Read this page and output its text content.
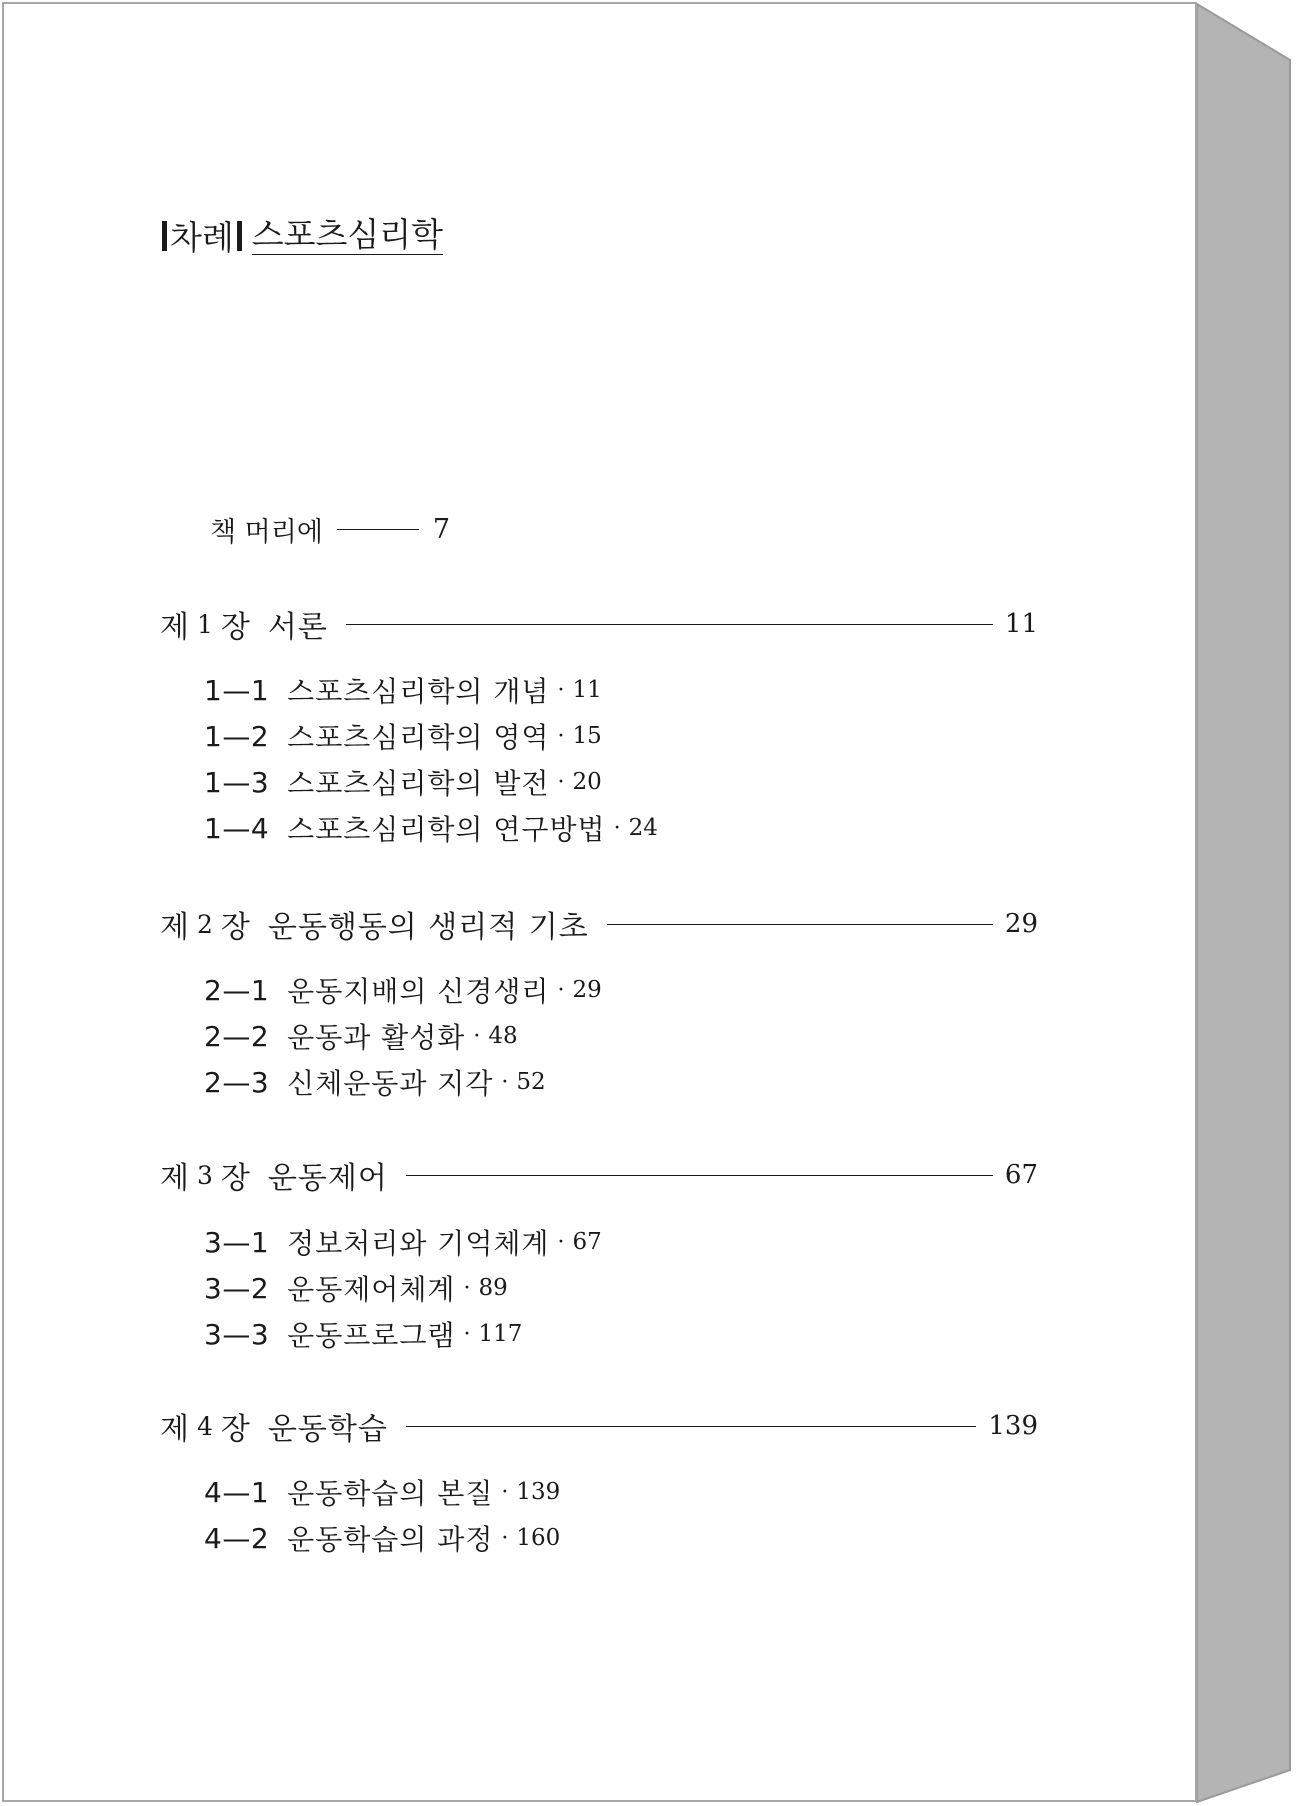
차례 스포츠심리학
책 머리에	7
제 1 장 서론	11
1—1 스포츠심리학의 개념 · 11
1—2 스포츠심리학의 영역 · 15
1—3 스포츠심리학의 발전 · 20
1—4 스포츠심리학의 연구방법 · 24
제 2 장 운동행동의 생리적 기초	29
2—1 운동지배의 신경생리 · 29
2—2 운동과 활성화 · 48
2—3 신체운동과 지각 · 52
제 3 장 운동제어	67
3—1 정보처리와 기억체계 · 67
3—2 운동제어체계 · 89
3—3 운동프로그램 · 117
제 4 장 운동학습	139
4—1 운동학습의 본질 · 139
4—2 운동학습의 과정 · 160
